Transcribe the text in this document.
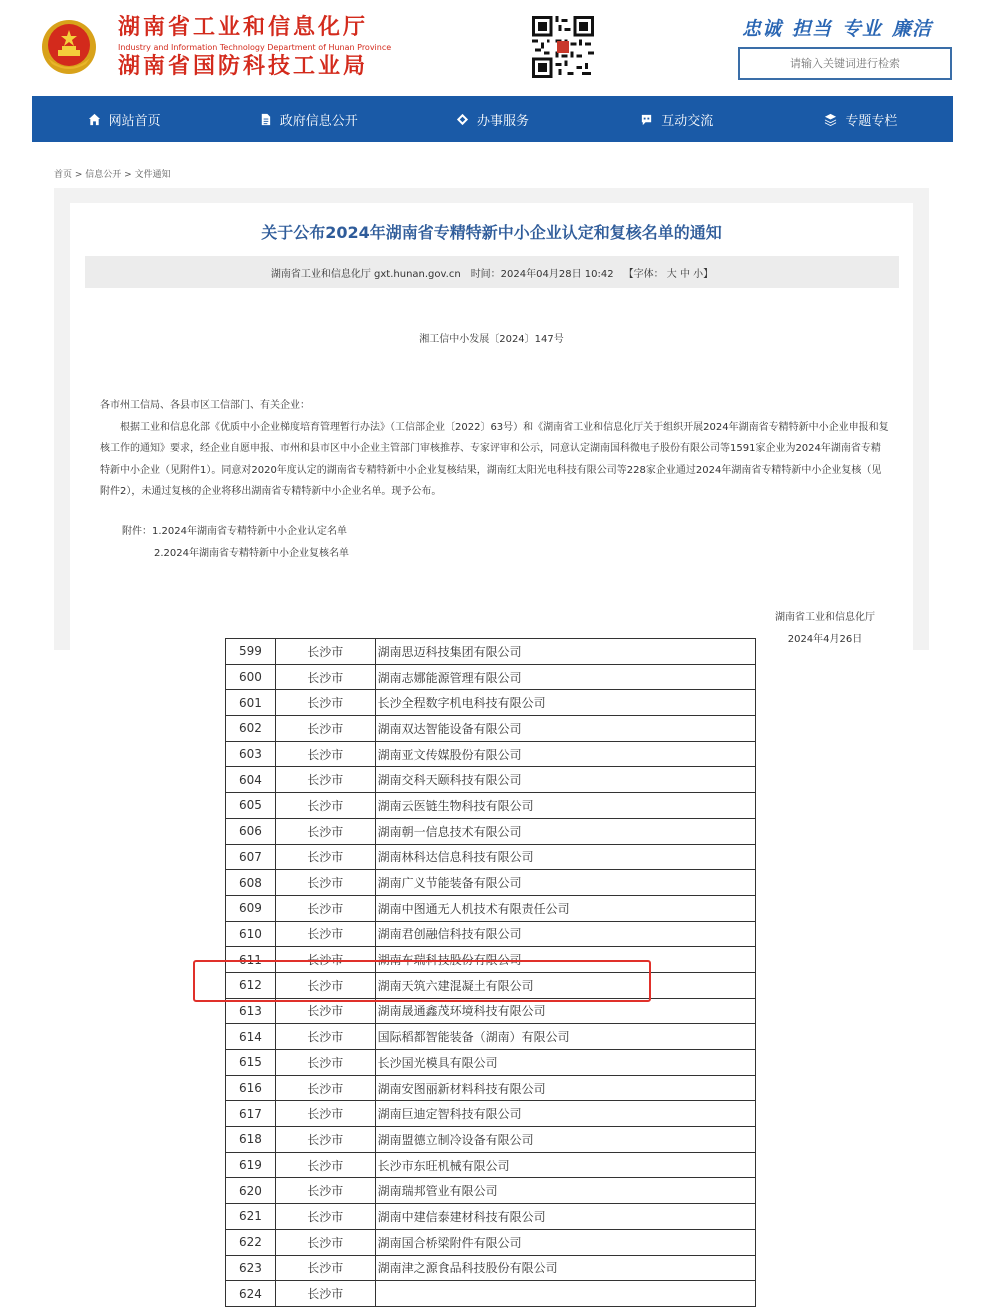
湖南省工业和信息化厅
Industry and Information Technology Department of Hunan Province
湖南省国防科技工业局
忠诚 担当 专业 廉洁
请输入关键词进行检索
网站首页	政府信息公开	办事服务	互动交流	专题专栏
首页 > 信息公开 > 文件通知
关于公布2024年湖南省专精特新中小企业认定和复核名单的通知
湖南省工业和信息化厅 gxt.hunan.gov.cn 时间：2024年04月28日 10:42 【字体： 大 中 小】
湘工信中小发展〔2024〕147号
各市州工信局、各县市区工信部门、有关企业：
根据工业和信息化部《优质中小企业梯度培育管理暂行办法》（工信部企业〔2022〕63号）和《湖南省工业和信息化厅关于组织开展2024年湖南省专精特新中小企业申报和复核工作的通知》要求，经企业自愿申报、市州和县市区中小企业主管部门审核推荐、专家评审和公示，同意认定湖南国科微电子股份有限公司等1591家企业为2024年湖南省专精特新中小企业（见附件1）。同意对2020年度认定的湖南省专精特新中小企业复核结果，湖南红太阳光电科技有限公司等228家企业通过2024年湖南省专精特新中小企业复核（见附件2），未通过复核的企业将移出湖南省专精特新中小企业名单。现予公布。
附件：1.2024年湖南省专精特新中小企业认定名单
2.2024年湖南省专精特新中小企业复核名单
湖南省工业和信息化厅
2024年4月26日
599	长沙市	湖南思迈科技集团有限公司
600	长沙市	湖南志娜能源管理有限公司
601	长沙市	长沙全程数字机电科技有限公司
602	长沙市	湖南双达智能设备有限公司
603	长沙市	湖南亚文传媒股份有限公司
604	长沙市	湖南交科天颐科技有限公司
605	长沙市	湖南云医链生物科技有限公司
606	长沙市	湖南朝一信息技术有限公司
607	长沙市	湖南林科达信息科技有限公司
608	长沙市	湖南广义节能装备有限公司
609	长沙市	湖南中图通无人机技术有限责任公司
610	长沙市	湖南君创融信科技有限公司
611	长沙市	湖南车瑞科技股份有限公司
612	长沙市	湖南天筑六建混凝土有限公司
613	长沙市	湖南晟通鑫茂环境科技有限公司
614	长沙市	国际稻都智能装备（湖南）有限公司
615	长沙市	长沙国光模具有限公司
616	长沙市	湖南安图丽新材料科技有限公司
617	长沙市	湖南巨迪定智科技有限公司
618	长沙市	湖南盟德立制冷设备有限公司
619	长沙市	长沙市东旺机械有限公司
620	长沙市	湖南瑞邦管业有限公司
621	长沙市	湖南中建信泰建材科技有限公司
622	长沙市	湖南国合桥梁附件有限公司
623	长沙市	湖南津之源食品科技股份有限公司
624	长沙市	
